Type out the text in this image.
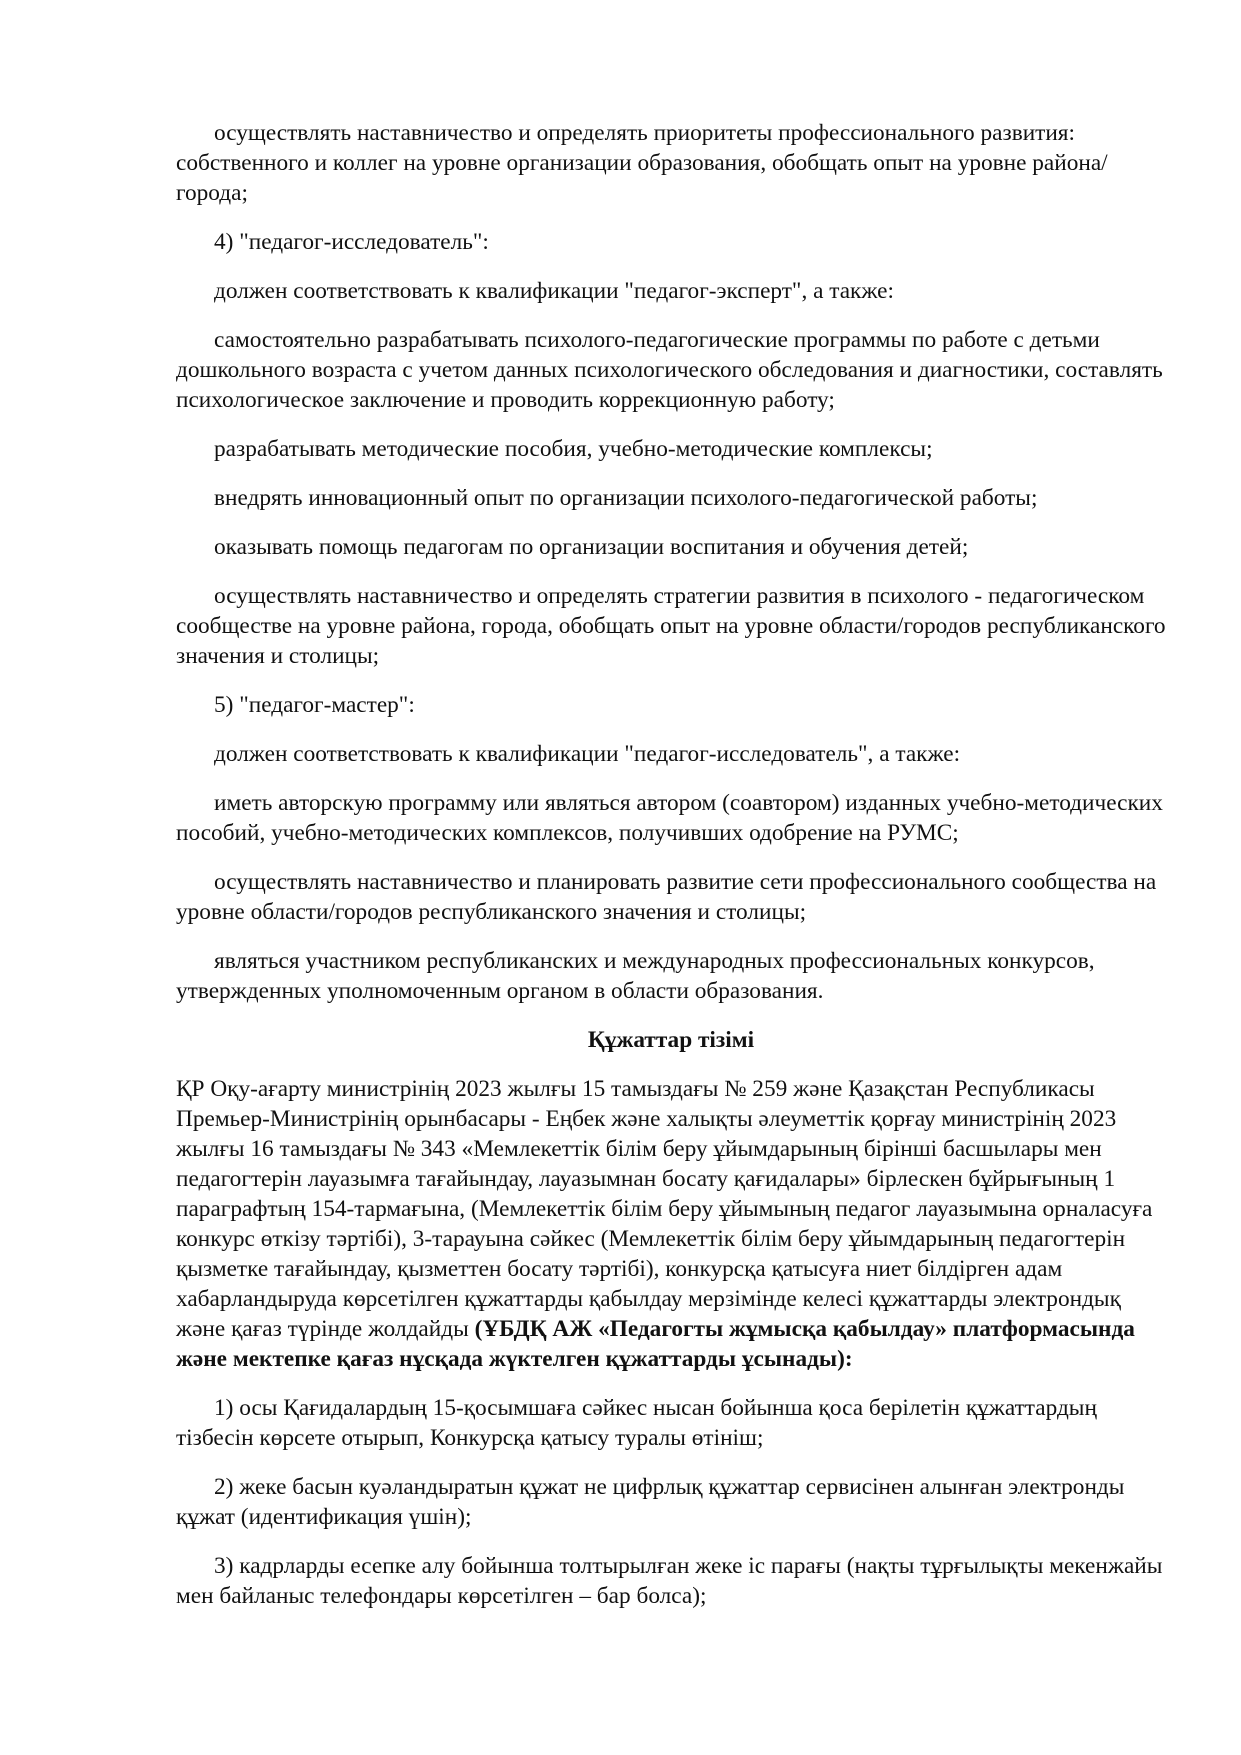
осуществлять наставничество и определять приоритеты профессионального развития: собственного и коллег на уровне организации образования, обобщать опыт на уровне района/города;

4) "педагог-исследователь":

должен соответствовать к квалификации "педагог-эксперт", а также:

самостоятельно разрабатывать психолого-педагогические программы по работе с детьми дошкольного возраста с учетом данных психологического обследования и диагностики, составлять психологическое заключение и проводить коррекционную работу;

разрабатывать методические пособия, учебно-методические комплексы;

внедрять инновационный опыт по организации психолого-педагогической работы;

оказывать помощь педагогам по организации воспитания и обучения детей;

осуществлять наставничество и определять стратегии развития в психолого - педагогическом сообществе на уровне района, города, обобщать опыт на уровне области/городов республиканского значения и столицы;

5) "педагог-мастер":

должен соответствовать к квалификации "педагог-исследователь", а также:

иметь авторскую программу или являться автором (соавтором) изданных учебно-методических пособий, учебно-методических комплексов, получивших одобрение на РУМС;

осуществлять наставничество и планировать развитие сети профессионального сообщества на уровне области/городов республиканского значения и столицы;

являться участником республиканских и международных профессиональных конкурсов, утвержденных уполномоченным органом в области образования.

Құжаттар тізімі

ҚР Оқу-ағарту министрінің 2023 жылғы 15 тамыздағы № 259 және Қазақстан Республикасы Премьер-Министрінің орынбасары - Еңбек және халықты әлеуметтік қорғау министрінің 2023 жылғы 16 тамыздағы № 343 «Мемлекеттік білім беру ұйымдарының бірінші басшылары мен педагогтерін лауазымға тағайындау, лауазымнан босату қағидалары» бірлескен бұйрығының 1 параграфтың 154-тармағына, (Мемлекеттік білім беру ұйымының педагог лауазымына орналасуға конкурс өткізу тәртібі), 3-тарауына сәйкес (Мемлекеттік білім беру ұйымдарының педагогтерін қызметке тағайындау, қызметтен босату тәртібі), конкурсқа қатысуға ниет білдірген адам хабарландыруда көрсетілген құжаттарды қабылдау мерзімінде келесі құжаттарды электрондық және қағаз түрінде жолдайды (ҰБДҚ АЖ «Педагогты жұмысқа қабылдау» платформасында және мектепке қағаз нұсқада жүктелген құжаттарды ұсынады):

1) осы Қағидалардың 15-қосымшаға сәйкес нысан бойынша қоса берілетін құжаттардың тізбесін көрсете отырып, Конкурсқа қатысу туралы өтініш;

2) жеке басын куәландыратын құжат не цифрлық құжаттар сервисінен алынған электронды құжат (идентификация үшін);

3) кадрларды есепке алу бойынша толтырылған жеке іс парағы (нақты тұрғылықты мекенжайы мен байланыс телефондары көрсетілген – бар болса);
